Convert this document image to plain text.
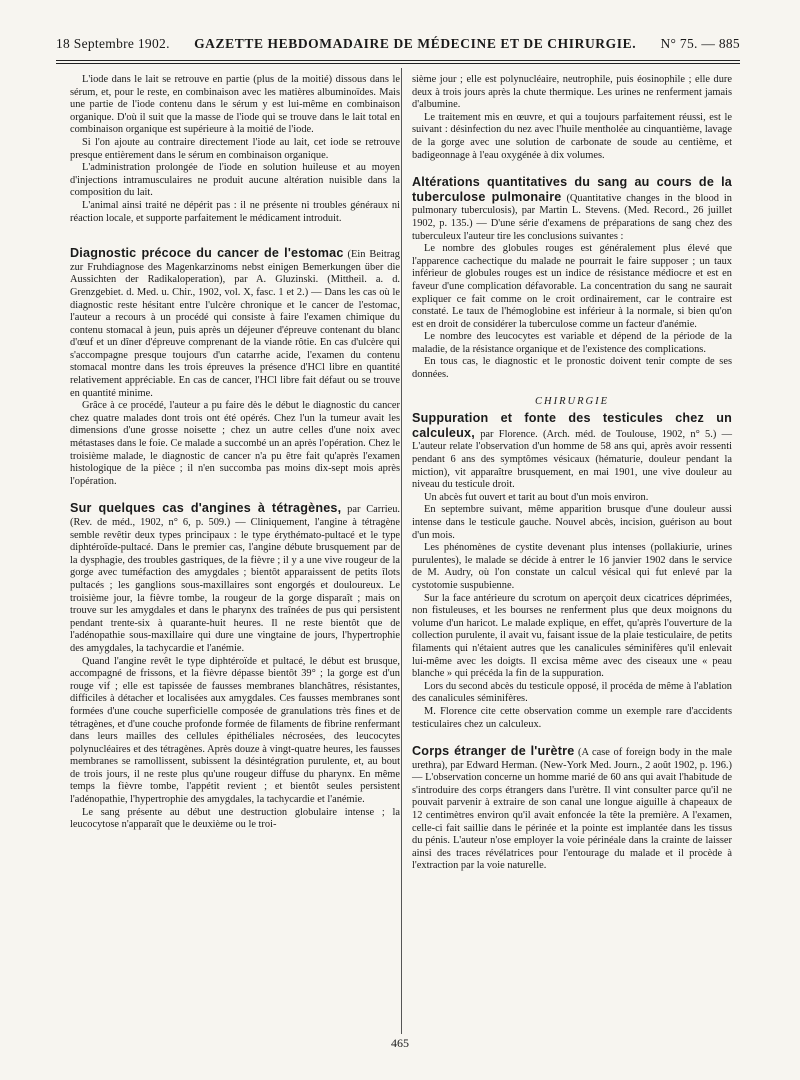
18 Septembre 1902. GAZETTE HEBDOMADAIRE DE MÉDECINE ET DE CHIRURGIE. N° 75. — 885

L'iode dans le lait se retrouve en partie (plus de la moitié) dissous dans le sérum, et, pour le reste, en combinaison avec les matières albuminoïdes. Mais une partie de l'iode contenu dans le sérum y est lui-même en combinaison organique. D'où il suit que la masse de l'iode qui se trouve dans le lait total en combinaison organique est supérieure à la moitié de l'iode.

Si l'on ajoute au contraire directement l'iode au lait, cet iode se retrouve presque entièrement dans le sérum en combinaison organique.

L'administration prolongée de l'iode en solution huileuse et au moyen d'injections intramusculaires ne produit aucune altération nuisible dans la composition du lait.

L'animal ainsi traité ne dépérit pas : il ne présente ni troubles généraux ni réaction locale, et supporte parfaitement le médicament introduit.

Diagnostic précoce du cancer de l'estomac (Ein Beitrag zur Fruhdiagnose des Magenkarzinoms nebst einigen Bemerkungen über die Aussichten der Radikaloperation), par A. Gluzinski. (Mittheil. a. d. Grenzgebiet. d. Med. u. Chir., 1902, vol. X, fasc. 1 et 2.) — Dans les cas où le diagnostic reste hésitant entre l'ulcère chronique et le cancer de l'estomac, l'auteur a recours à un procédé qui consiste à faire l'examen chimique du contenu stomacal à jeun, puis après un déjeuner d'épreuve contenant du blanc d'œuf et un dîner d'épreuve comprenant de la viande rôtie. En cas d'ulcère qui s'accompagne presque toujours d'un catarrhe acide, l'examen du contenu stomacal montre dans les trois épreuves la présence d'HCl libre en quantité relativement appréciable. En cas de cancer, l'HCl libre fait défaut ou se trouve en quantité minime.

Grâce à ce procédé, l'auteur a pu faire dès le début le diagnostic du cancer chez quatre malades dont trois ont été opérés. Chez l'un la tumeur avait les dimensions d'une grosse noisette ; chez un autre celles d'une noix avec métastases dans le foie. Ce malade a succombé un an après l'opération. Chez le troisième malade, le diagnostic de cancer n'a pu être fait qu'après l'examen histologique de la pièce ; il n'en succomba pas moins dix-sept mois après l'opération.

Sur quelques cas d'angines à tétragènes, par Carrieu. (Rev. de méd., 1902, n° 6, p. 509.) — Cliniquement, l'angine à tétragène semble revêtir deux types principaux : le type érythémato-pultacé et le type diphtéroïde-pultacé. Dans le premier cas, l'angine débute brusquement par de la dysphagie, des troubles gastriques, de la fièvre ; il y a une vive rougeur de la gorge avec tuméfaction des amygdales ; bientôt apparaissent de petits îlots pultacés ; les ganglions sous-maxillaires sont engorgés et douloureux. Le troisième jour, la fièvre tombe, la rougeur de la gorge disparaît ; mais on trouve sur les amygdales et dans le pharynx des traînées de pus qui persistent pendant trente-six à quarante-huit heures. Il ne reste bientôt que de l'adénopathie sous-maxillaire qui dure une vingtaine de jours, l'hypertrophie des amygdales, la tachycardie et l'anémie.

Quand l'angine revêt le type diphtéroïde et pultacé, le début est brusque, accompagné de frissons, et la fièvre dépasse bientôt 39° ; la gorge est d'un rouge vif ; elle est tapissée de fausses membranes blanchâtres, résistantes, difficiles à détacher et localisées aux amygdales. Ces fausses membranes sont formées d'une couche superficielle composée de granulations très fines et de tétragènes, et d'une couche profonde formée de filaments de fibrine renfermant dans leurs mailles des cellules épithéliales nécrosées, des leucocytes polynucléaires et des tétragènes. Après douze à vingt-quatre heures, les fausses membranes se ramollissent, subissent la désintégration purulente, et, au bout de trois jours, il ne reste plus qu'une rougeur diffuse du pharynx. En même temps la fièvre tombe, l'appétit revient ; et bientôt seules persistent l'adénopathie, l'hypertrophie des amygdales, la tachycardie et l'anémie.

Le sang présente au début une destruction globulaire intense ; la leucocytose n'apparaît que le deuxième ou le troi-

sième jour ; elle est polynucléaire, neutrophile, puis éosinophile ; elle dure deux à trois jours après la chute thermique. Les urines ne renferment jamais d'albumine.

Le traitement mis en œuvre, et qui a toujours parfaitement réussi, est le suivant : désinfection du nez avec l'huile mentholée au cinquantième, lavage de la gorge avec une solution de carbonate de soude au centième, et badigeonnage à l'eau oxygénée à dix volumes.

Altérations quantitatives du sang au cours de la tuberculose pulmonaire (Quantitative changes in the blood in pulmonary tuberculosis), par Martin L. Stevens. (Med. Record., 26 juillet 1902, p. 135.) — D'une série d'examens de préparations de sang chez des tuberculeux l'auteur tire les conclusions suivantes :

Le nombre des globules rouges est généralement plus élevé que l'apparence cachectique du malade ne pourrait le faire supposer ; un taux inférieur de globules rouges est un indice de résistance médiocre et est en faveur d'une complication défavorable. La concentration du sang ne saurait expliquer ce fait comme on le croit ordinairement, car le contraire est constaté. Le taux de l'hémoglobine est inférieur à la normale, si bien qu'on est en droit de considérer la tuberculose comme un facteur d'anémie.

Le nombre des leucocytes est variable et dépend de la période de la maladie, de la résistance organique et de l'existence des complications.

En tous cas, le diagnostic et le pronostic doivent tenir compte de ses données.

CHIRURGIE

Suppuration et fonte des testicules chez un calculeux, par Florence. (Arch. méd. de Toulouse, 1902, n° 5.) — L'auteur relate l'observation d'un homme de 58 ans qui, après avoir ressenti pendant 6 ans des symptômes vésicaux (hématurie, douleur pendant la miction), vit apparaître brusquement, en mai 1901, une vive douleur au niveau du testicule droit.

Un abcès fut ouvert et tarit au bout d'un mois environ.

En septembre suivant, même apparition brusque d'une douleur aussi intense dans le testicule gauche. Nouvel abcès, incision, guérison au bout d'un mois.

Les phénomènes de cystite devenant plus intenses (pollakiurie, urines purulentes), le malade se décide à entrer le 16 janvier 1902 dans le service de M. Audry, où l'on constate un calcul vésical qui fut enlevé par la cystotomie suspubienne.

Sur la face antérieure du scrotum on aperçoit deux cicatrices déprimées, non fistuleuses, et les bourses ne renferment plus que deux moignons du volume d'un haricot. Le malade explique, en effet, qu'après l'ouverture de la collection purulente, il avait vu, faisant issue de la plaie testiculaire, de petits filaments qui n'étaient autres que les canalicules séminifères qu'il enlevait lui-même avec les doigts. Il excisa même avec des ciseaux une « peau blanche » qui précéda la fin de la suppuration.

Lors du second abcès du testicule opposé, il procéda de même à l'ablation des canalicules séminifères.

M. Florence cite cette observation comme un exemple rare d'accidents testiculaires chez un calculeux.

Corps étranger de l'urètre (A case of foreign body in the male urethra), par Edward Herman. (New-York Med. Journ., 2 août 1902, p. 196.) — L'observation concerne un homme marié de 60 ans qui avait l'habitude de s'introduire des corps étrangers dans l'urètre. Il vint consulter parce qu'il ne pouvait parvenir à extraire de son canal une longue aiguille à chapeaux de 12 centimètres environ qu'il avait enfoncée la tête la première. A l'examen, celle-ci fait saillie dans le périnée et la pointe est implantée dans les tissus du pénis. L'auteur n'ose employer la voie périnéale dans la crainte de laisser ainsi des traces révélatrices pour l'entourage du malade et il procède à l'extraction par la voie naturelle.

465
